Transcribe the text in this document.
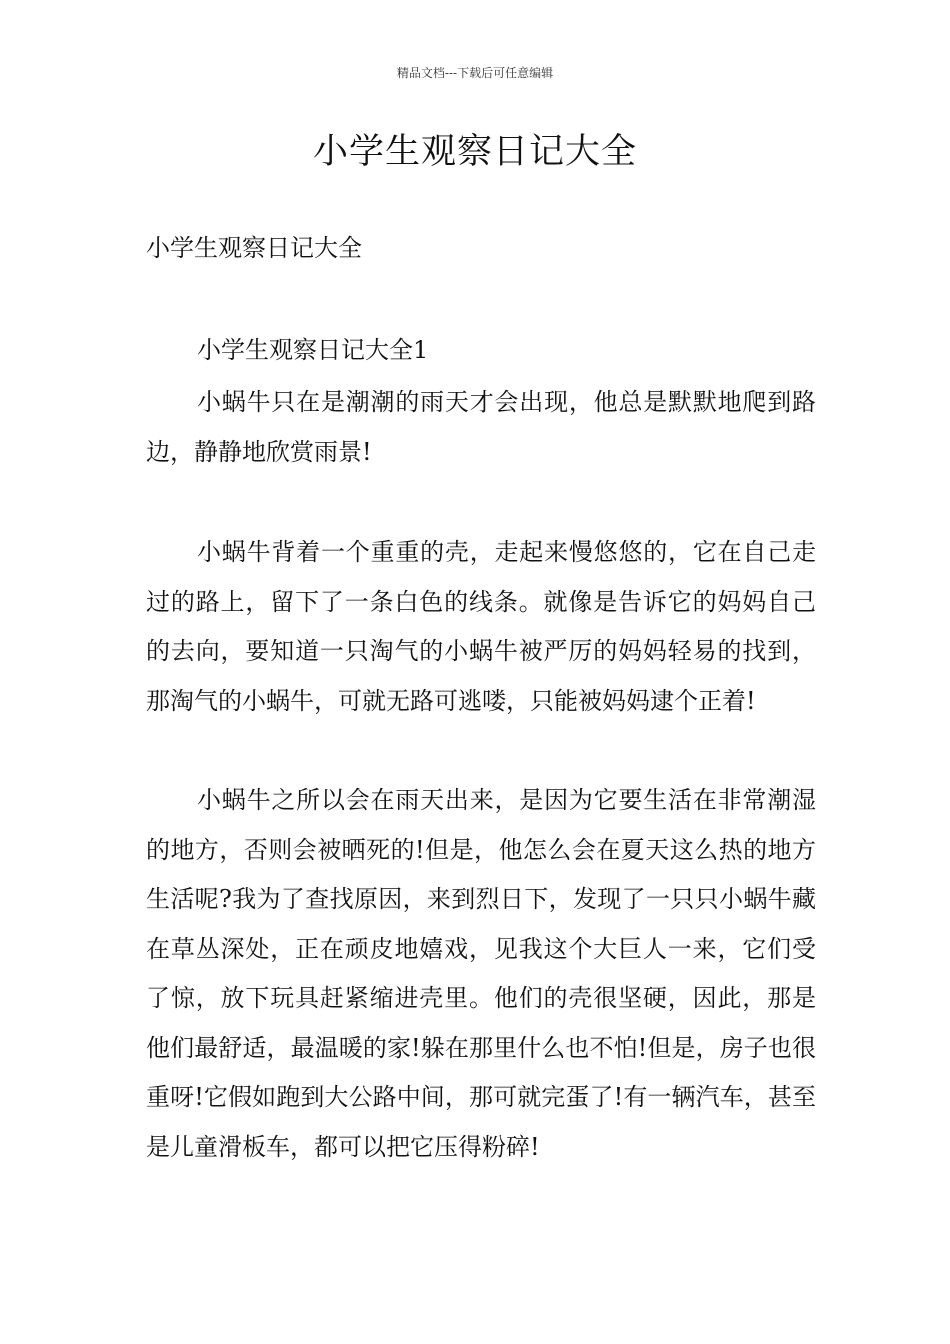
精品文档---下载后可任意编辑
小学生观察日记大全

小学生观察日记大全

小学生观察日记大全1

小蜗牛只在是潮潮的雨天才会出现，他总是默默地爬到路边，静静地欣赏雨景!

小蜗牛背着一个重重的壳，走起来慢悠悠的，它在自己走过的路上，留下了一条白色的线条。就像是告诉它的妈妈自己的去向，要知道一只淘气的小蜗牛被严厉的妈妈轻易的找到，那淘气的小蜗牛，可就无路可逃喽，只能被妈妈逮个正着!

小蜗牛之所以会在雨天出来，是因为它要生活在非常潮湿的地方，否则会被晒死的!但是，他怎么会在夏天这么热的地方生活呢?我为了查找原因，来到烈日下，发现了一只只小蜗牛藏在草丛深处，正在顽皮地嬉戏，见我这个大巨人一来，它们受了惊，放下玩具赶紧缩进壳里。他们的壳很坚硬，因此，那是他们最舒适，最温暖的家!躲在那里什么也不怕!但是，房子也很重呀!它假如跑到大公路中间，那可就完蛋了!有一辆汽车，甚至是儿童滑板车，都可以把它压得粉碎!
